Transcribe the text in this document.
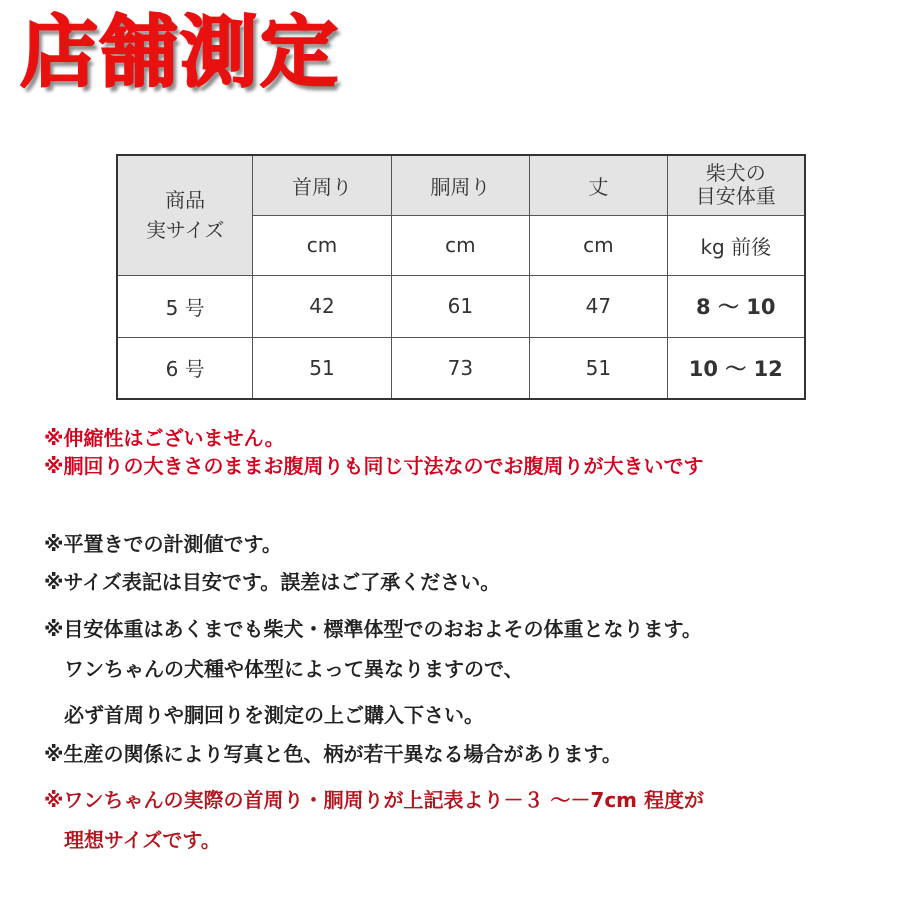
店舗測定
商品
実サイズ	首周り	胴周り	丈	柴犬の
目安体重
	cm	cm	cm	kg 前後
5 号	42	61	47	8 ～ 10
6 号	51	73	51	10 ～ 12
※伸縮性はございません。
※胴回りの大きさのままお腹周りも同じ寸法なのでお腹周りが大きいです
※平置きでの計測値です。
※サイズ表記は目安です。誤差はご了承ください。
※目安体重はあくまでも柴犬・標準体型でのおおよその体重となります。
　ワンちゃんの犬種や体型によって異なりますので、
　必ず首周りや胴回りを測定の上ご購入下さい。
※生産の関係により写真と色、柄が若干異なる場合があります。
※ワンちゃんの実際の首周り・胴周りが上記表より－３ ～－7cm 程度が
　理想サイズです。
